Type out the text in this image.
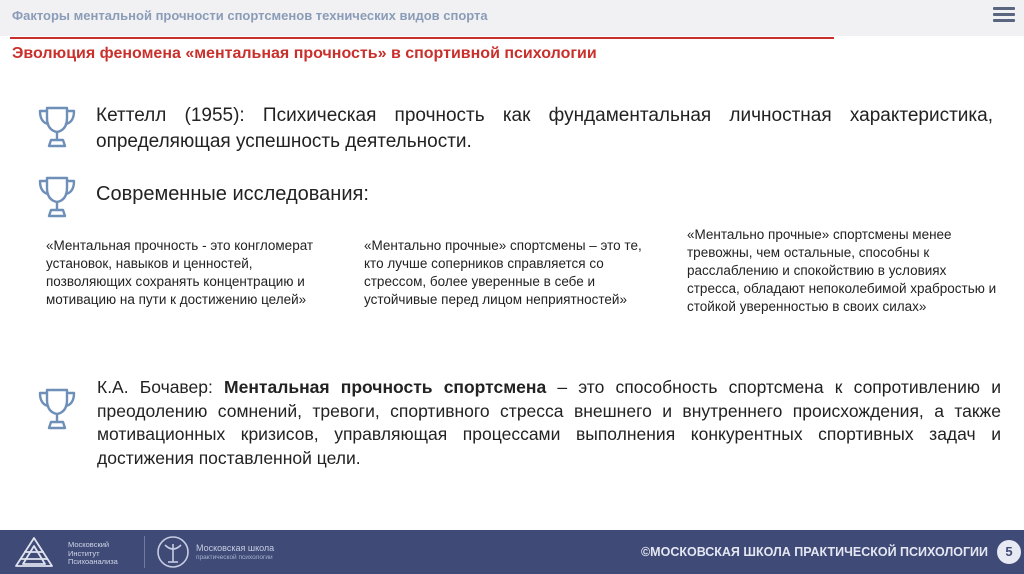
Факторы ментальной прочности спортсменов технических видов спорта
Эволюция феномена «ментальная прочность» в спортивной психологии
Кеттелл (1955): Психическая прочность как фундаментальная личностная характеристика, определяющая успешность деятельности.
Современные исследования:
«Ментальная прочность - это конгломерат установок, навыков и ценностей, позволяющих сохранять концентрацию и мотивацию на пути к достижению целей»
«Ментально прочные» спортсмены – это те, кто лучше соперников справляется со стрессом, более уверенные в себе и устойчивые перед лицом неприятностей»
«Ментально прочные» спортсмены менее тревожны, чем остальные, способны к расслаблению и спокойствию в условиях стресса, обладают непоколебимой храбростью и стойкой уверенностью в своих силах»
К.А. Бочавер: Ментальная прочность спортсмена – это способность спортсмена к сопротивлению и преодолению сомнений, тревоги, спортивного стресса внешнего и внутреннего происхождения, а также мотивационных кризисов, управляющая процессами выполнения конкурентных спортивных задач и достижения поставленной цели.
Московский
Институт
Психоанализа
Московская школа
практической психологии	©МОСКОВСКАЯ ШКОЛА ПРАКТИЧЕСКОЙ ПСИХОЛОГИИ	5
